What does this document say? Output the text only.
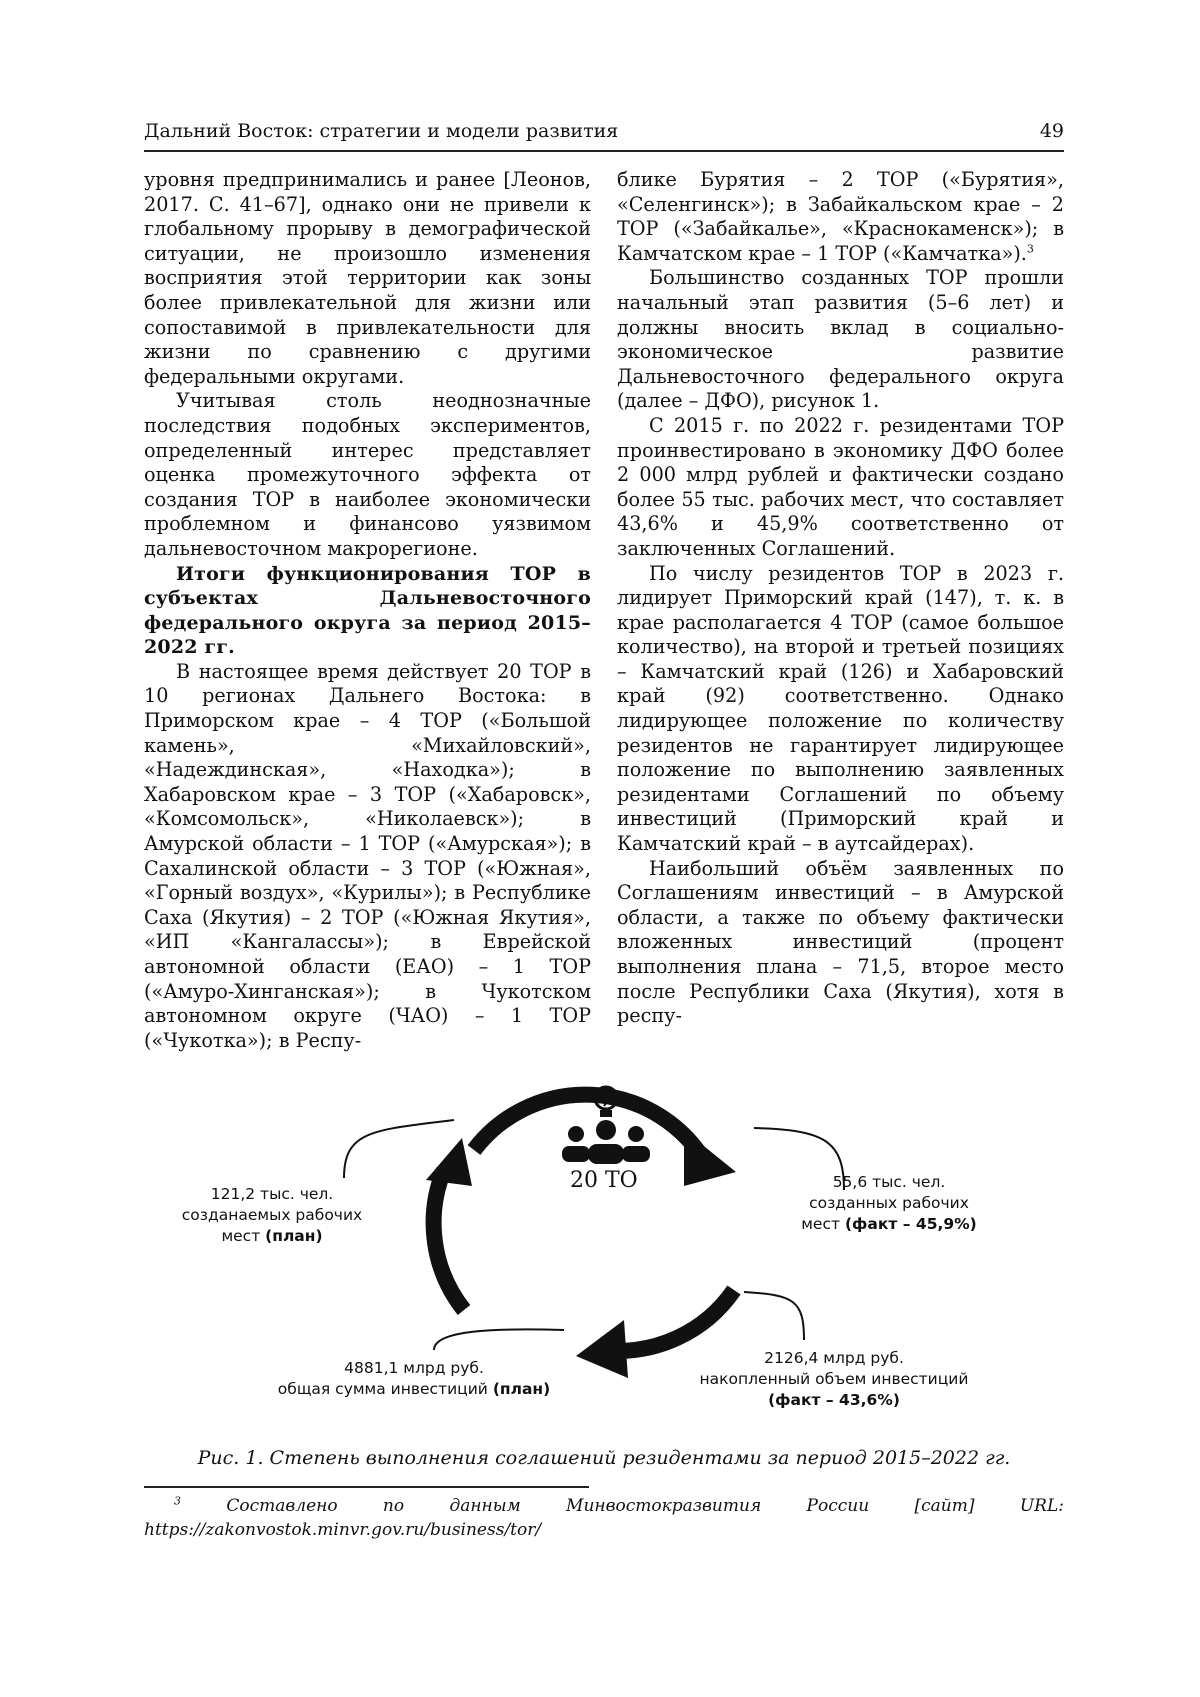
Дальний Восток: стратегии и модели развития	49

уровня предпринимались и ранее [Леонов, 2017. С. 41–67], однако они не привели к глобальному прорыву в демографической ситуации, не произошло изменения восприятия этой территории как зоны более привлекательной для жизни или сопоставимой в привлекательности для жизни по сравнению с другими федеральными округами.

Учитывая столь неоднозначные последствия подобных экспериментов, определенный интерес представляет оценка промежуточного эффекта от создания ТОР в наиболее экономически проблемном и финансово уязвимом дальневосточном макрорегионе.

Итоги функционирования ТОР в субъектах Дальневосточного федерального округа за период 2015–2022 гг.

В настоящее время действует 20 ТОР в 10 регионах Дальнего Востока: в Приморском крае – 4 ТОР («Большой камень», «Михайловский», «Надеждинская», «Находка»); в Хабаровском крае – 3 ТОР («Хабаровск», «Комсомольск», «Николаевск»); в Амурской области – 1 ТОР («Амурская»); в Сахалинской области – 3 ТОР («Южная», «Горный воздух», «Курилы»); в Республике Саха (Якутия) – 2 ТОР («Южная Якутия», «ИП «Кангалассы»); в Еврейской автономной области (ЕАО) – 1 ТОР («Амуро-Хинганская»); в Чукотском автономном округе (ЧАО) – 1 ТОР («Чукотка»); в Респу-

блике Бурятия – 2 ТОР («Бурятия», «Селенгинск»); в Забайкальском крае – 2 ТОР («Забайкалье», «Краснокаменск»); в Камчатском крае – 1 ТОР («Камчатка»).3

Большинство созданных ТОР прошли начальный этап развития (5–6 лет) и должны вносить вклад в социально-экономическое развитие Дальневосточного федерального округа (далее – ДФО), рисунок 1.

С 2015 г. по 2022 г. резидентами ТОР проинвестировано в экономику ДФО более 2 000 млрд рублей и фактически создано более 55 тыс. рабочих мест, что составляет 43,6% и 45,9% соответственно от заключенных Соглашений.

По числу резидентов ТОР в 2023 г. лидирует Приморский край (147), т. к. в крае располагается 4 ТОР (самое большое количество), на второй и третьей позициях – Камчатский край (126) и Хабаровский край (92) соответственно. Однако лидирующее положение по количеству резидентов не гарантирует лидирующее положение по выполнению заявленных резидентами Соглашений по объему инвестиций (Приморский край и Камчатский край – в аутсайдерах).

Наибольший объём заявленных по Соглашениям инвестиций – в Амурской области, а также по объему фактически вложенных инвестиций (процент выполнения плана – 71,5, второе место после Республики Саха (Якутия), хотя в респу-

20 ТО
121,2 тыс. чел.
созданаемых рабочих
мест (план)
55,6 тыс. чел.
созданных рабочих
мест (факт – 45,9%)
4881,1 млрд руб.
общая сумма инвестиций (план)
2126,4 млрд руб.
накопленный объем инвестиций
(факт – 43,6%)
Рис. 1. Степень выполнения соглашений резидентами за период 2015–2022 гг.
3 Составлено по данным Минвостокразвития России [сайт] URL: https://zakonvostok.minvr.gov.ru/business/tor/
